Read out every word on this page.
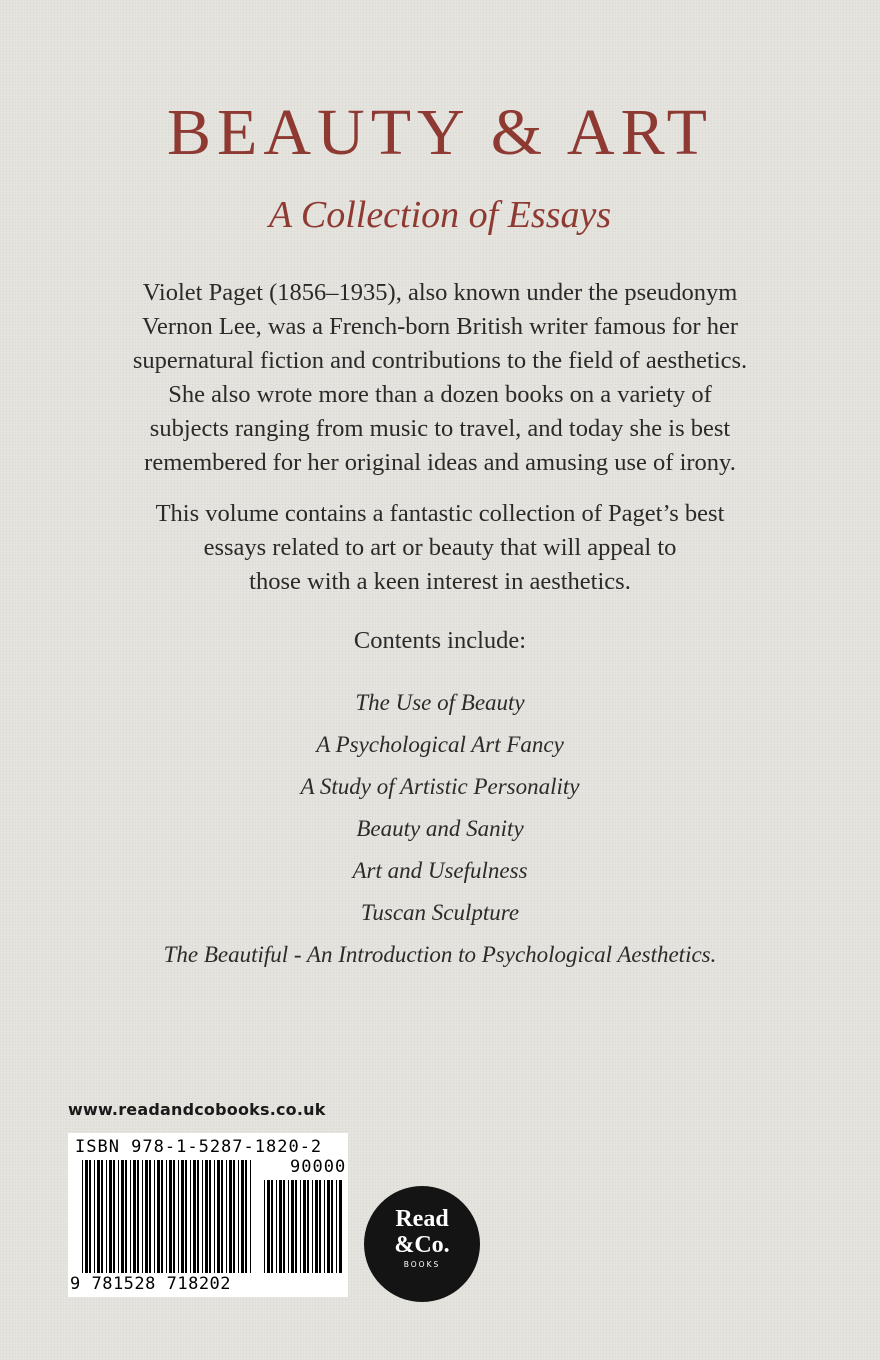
BEAUTY & ART
A Collection of Essays
Violet Paget (1856–1935), also known under the pseudonym
Vernon Lee, was a French-born British writer famous for her
supernatural fiction and contributions to the field of aesthetics.
She also wrote more than a dozen books on a variety of
subjects ranging from music to travel, and today she is best
remembered for her original ideas and amusing use of irony.
This volume contains a fantastic collection of Paget’s best
essays related to art or beauty that will appeal to
those with a keen interest in aesthetics.
Contents include:
The Use of Beauty
A Psychological Art Fancy
A Study of Artistic Personality
Beauty and Sanity
Art and Usefulness
Tuscan Sculpture
The Beautiful - An Introduction to Psychological Aesthetics.
www.readandcobooks.co.uk
ISBN 978-1-5287-1820-2
90000
9 781528 718202
Read
&Co.
BOOKS
